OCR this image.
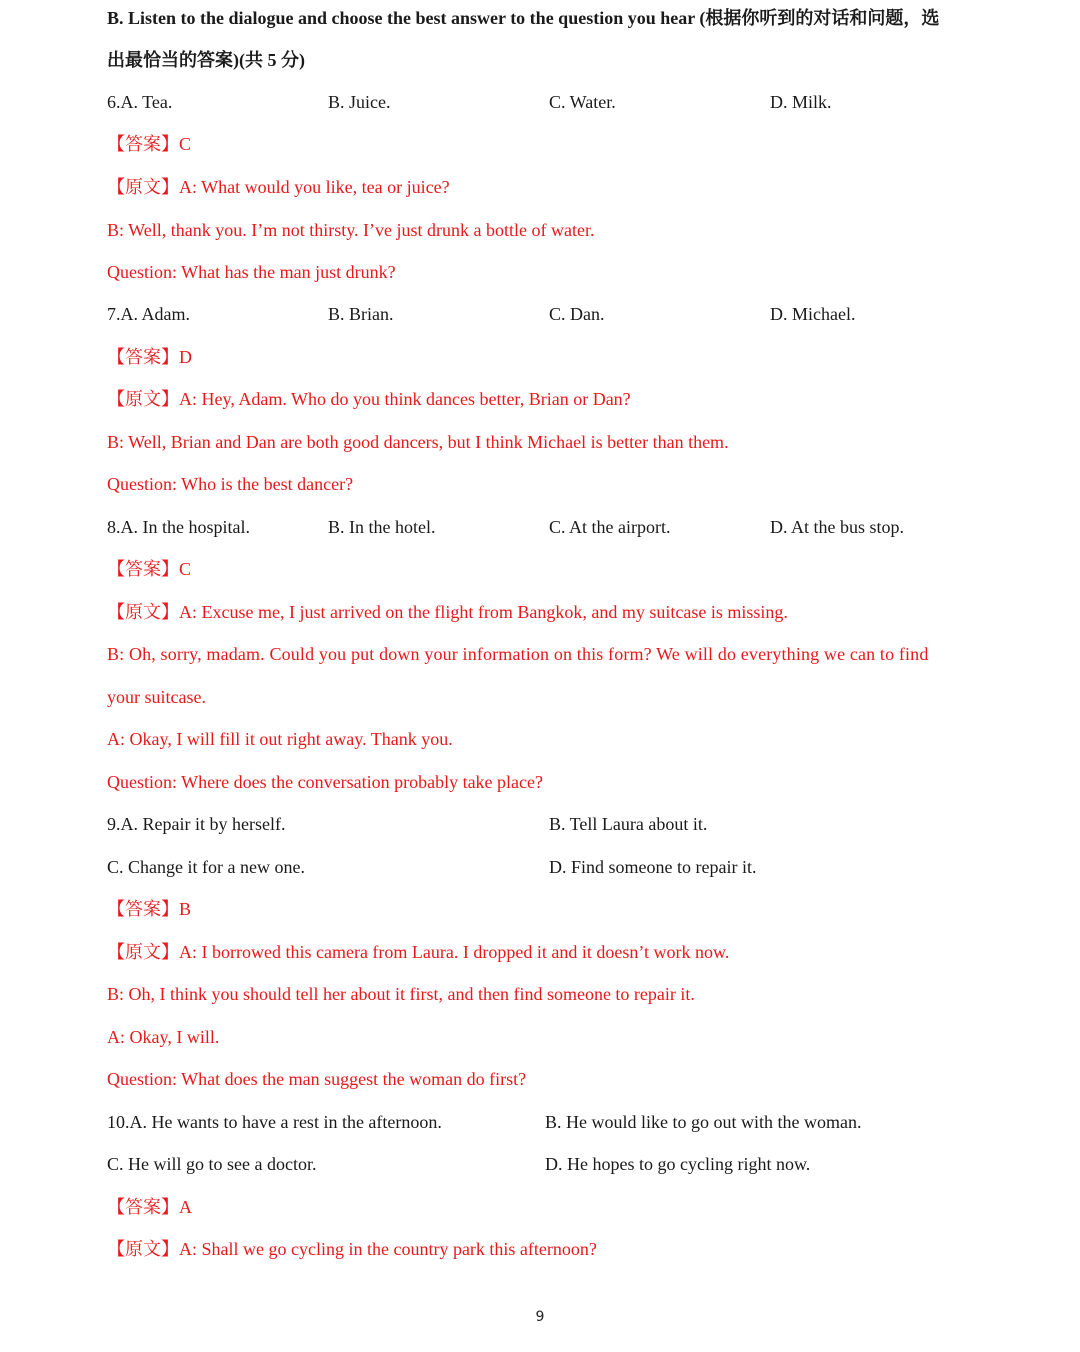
B. Listen to the dialogue and choose the best answer to the question you hear (根据你听到的对话和问题，选
出最恰当的答案)(共 5 分)
6.A. Tea.	B. Juice.	C. Water.	D. Milk.
【答案】C
【原文】A: What would you like, tea or juice?
B: Well, thank you. I’m not thirsty. I’ve just drunk a bottle of water.
Question: What has the man just drunk?
7.A. Adam.	B. Brian.	C. Dan.	D. Michael.
【答案】D
【原文】A: Hey, Adam. Who do you think dances better, Brian or Dan?
B: Well, Brian and Dan are both good dancers, but I think Michael is better than them.
Question: Who is the best dancer?
8.A. In the hospital.	B. In the hotel.	C. At the airport.	D. At the bus stop.
【答案】C
【原文】A: Excuse me, I just arrived on the flight from Bangkok, and my suitcase is missing.
B: Oh, sorry, madam. Could you put down your information on this form? We will do everything we can to find
your suitcase.
A: Okay, I will fill it out right away. Thank you.
Question: Where does the conversation probably take place?
9.A. Repair it by herself.	B. Tell Laura about it.
C. Change it for a new one.	D. Find someone to repair it.
【答案】B
【原文】A: I borrowed this camera from Laura. I dropped it and it doesn’t work now.
B: Oh, I think you should tell her about it first, and then find someone to repair it.
A: Okay, I will.
Question: What does the man suggest the woman do first?
10.A. He wants to have a rest in the afternoon.	B. He would like to go out with the woman.
C. He will go to see a doctor.	D. He hopes to go cycling right now.
【答案】A
【原文】A: Shall we go cycling in the country park this afternoon?
9
